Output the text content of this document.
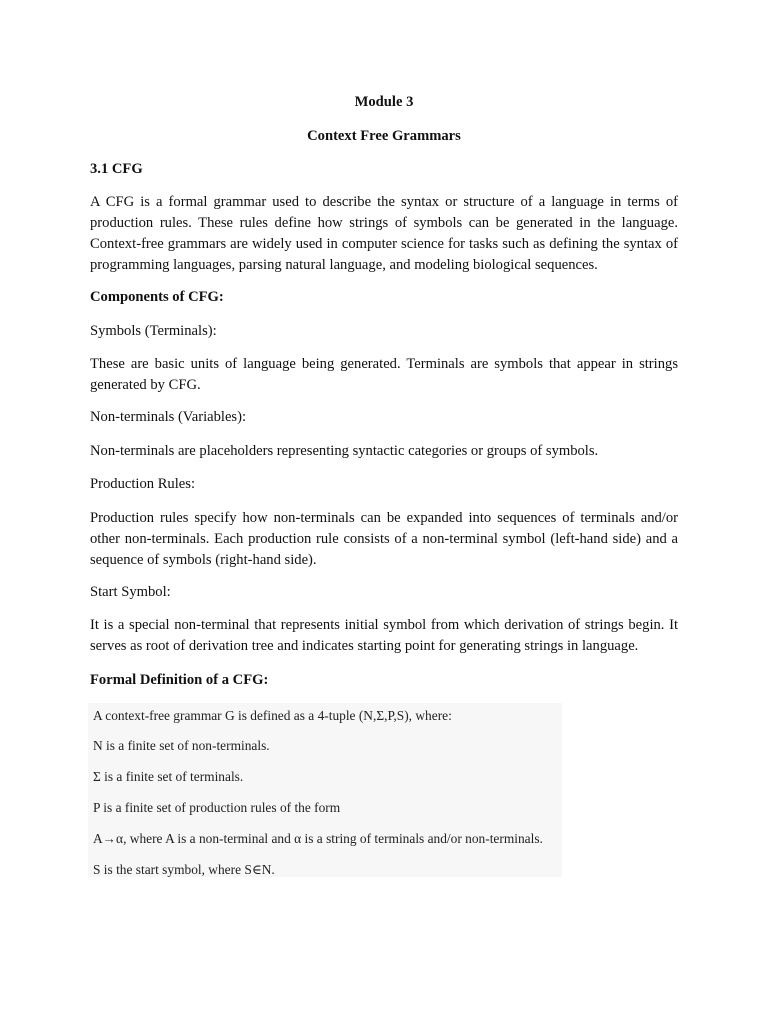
Module 3

Context Free Grammars

3.1 CFG

A CFG is a formal grammar used to describe the syntax or structure of a language in terms of production rules. These rules define how strings of symbols can be generated in the language. Context-free grammars are widely used in computer science for tasks such as defining the syntax of programming languages, parsing natural language, and modeling biological sequences.

Components of CFG:

Symbols (Terminals):

These are basic units of language being generated. Terminals are symbols that appear in strings generated by CFG.

Non-terminals (Variables):

Non-terminals are placeholders representing syntactic categories or groups of symbols.

Production Rules:

Production rules specify how non-terminals can be expanded into sequences of terminals and/or other non-terminals. Each production rule consists of a non-terminal symbol (left-hand side) and a sequence of symbols (right-hand side).

Start Symbol:

It is a special non-terminal that represents initial symbol from which derivation of strings begin. It serves as root of derivation tree and indicates starting point for generating strings in language.

Formal Definition of a CFG:

A context-free grammar G is defined as a 4-tuple (N,Σ,P,S), where:

N is a finite set of non-terminals.

Σ is a finite set of terminals.

P is a finite set of production rules of the form

A→α, where A is a non-terminal and α is a string of terminals and/or non-terminals.

S is the start symbol, where S∈N.
